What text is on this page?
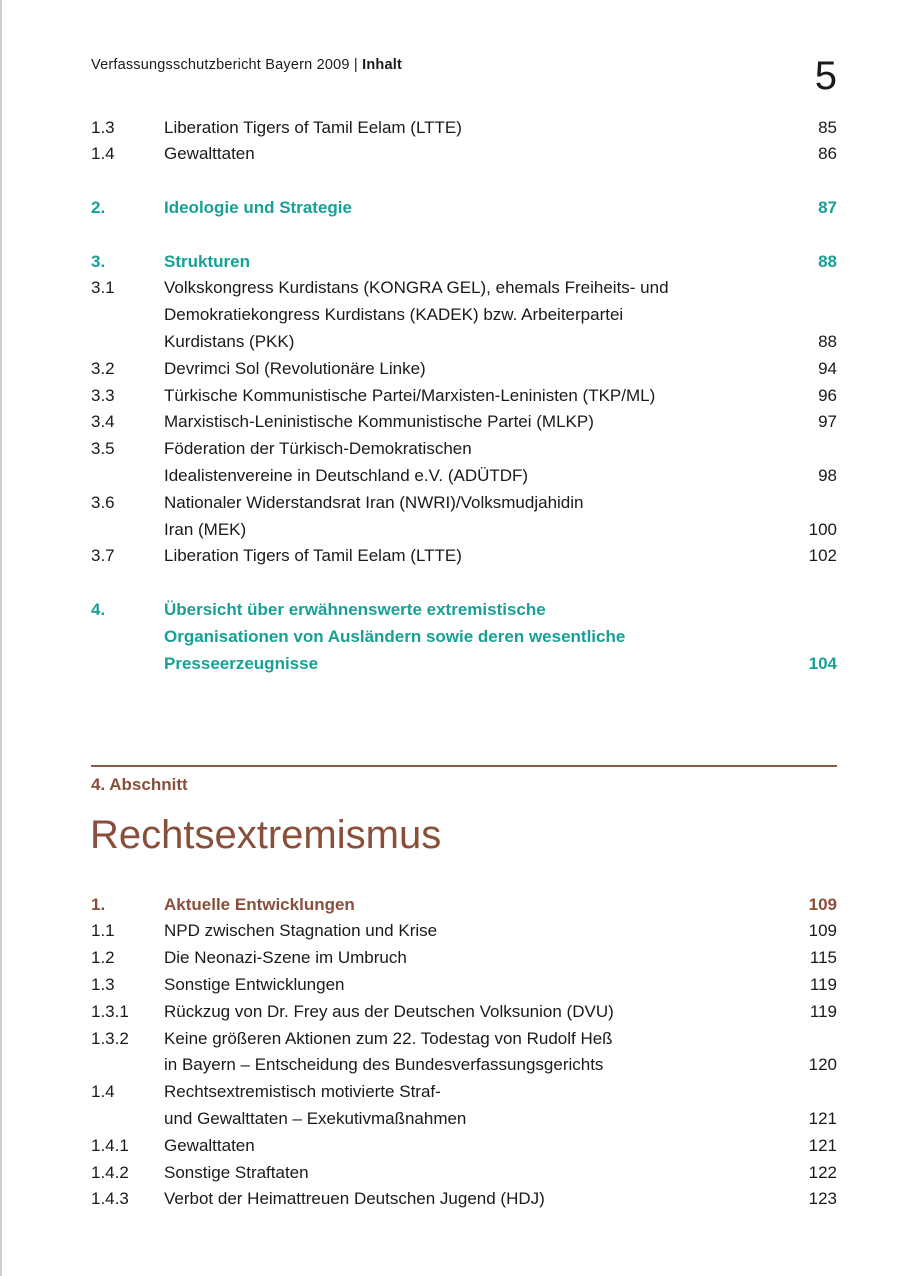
Verfassungsschutzbericht Bayern 2009 | Inhalt	5
1.3	Liberation Tigers of Tamil Eelam (LTTE)	85
1.4	Gewalttaten	86
2.	Ideologie und Strategie	87
3.	Strukturen	88
3.1	Volkskongress Kurdistans (KONGRA GEL), ehemals Freiheits- und
Demokratiekongress Kurdistans (KADEK) bzw. Arbeiterpartei
Kurdistans (PKK)	88
3.2	Devrimci Sol (Revolutionäre Linke)	94
3.3	Türkische Kommunistische Partei/Marxisten-Leninisten (TKP/ML)	96
3.4	Marxistisch-Leninistische Kommunistische Partei (MLKP)	97
3.5	Föderation der Türkisch-Demokratischen
Idealistenvereine in Deutschland e.V. (ADÜTDF)	98
3.6	Nationaler Widerstandsrat Iran (NWRI)/Volksmudjahidin
Iran (MEK)	100
3.7	Liberation Tigers of Tamil Eelam (LTTE)	102
4.	Übersicht über erwähnenswerte extremistische
Organisationen von Ausländern sowie deren wesentliche
Presseerzeugnisse	104
4. Abschnitt
Rechtsextremismus
1.	Aktuelle Entwicklungen	109
1.1	NPD zwischen Stagnation und Krise	109
1.2	Die Neonazi-Szene im Umbruch	115
1.3	Sonstige Entwicklungen	119
1.3.1	Rückzug von Dr. Frey aus der Deutschen Volksunion (DVU)	119
1.3.2	Keine größeren Aktionen zum 22. Todestag von Rudolf Heß
in Bayern – Entscheidung des Bundesverfassungsgerichts	120
1.4	Rechtsextremistisch motivierte Straf-
und Gewalttaten – Exekutivmaßnahmen	121
1.4.1	Gewalttaten	121
1.4.2	Sonstige Straftaten	122
1.4.3	Verbot der Heimattreuen Deutschen Jugend (HDJ)	123
